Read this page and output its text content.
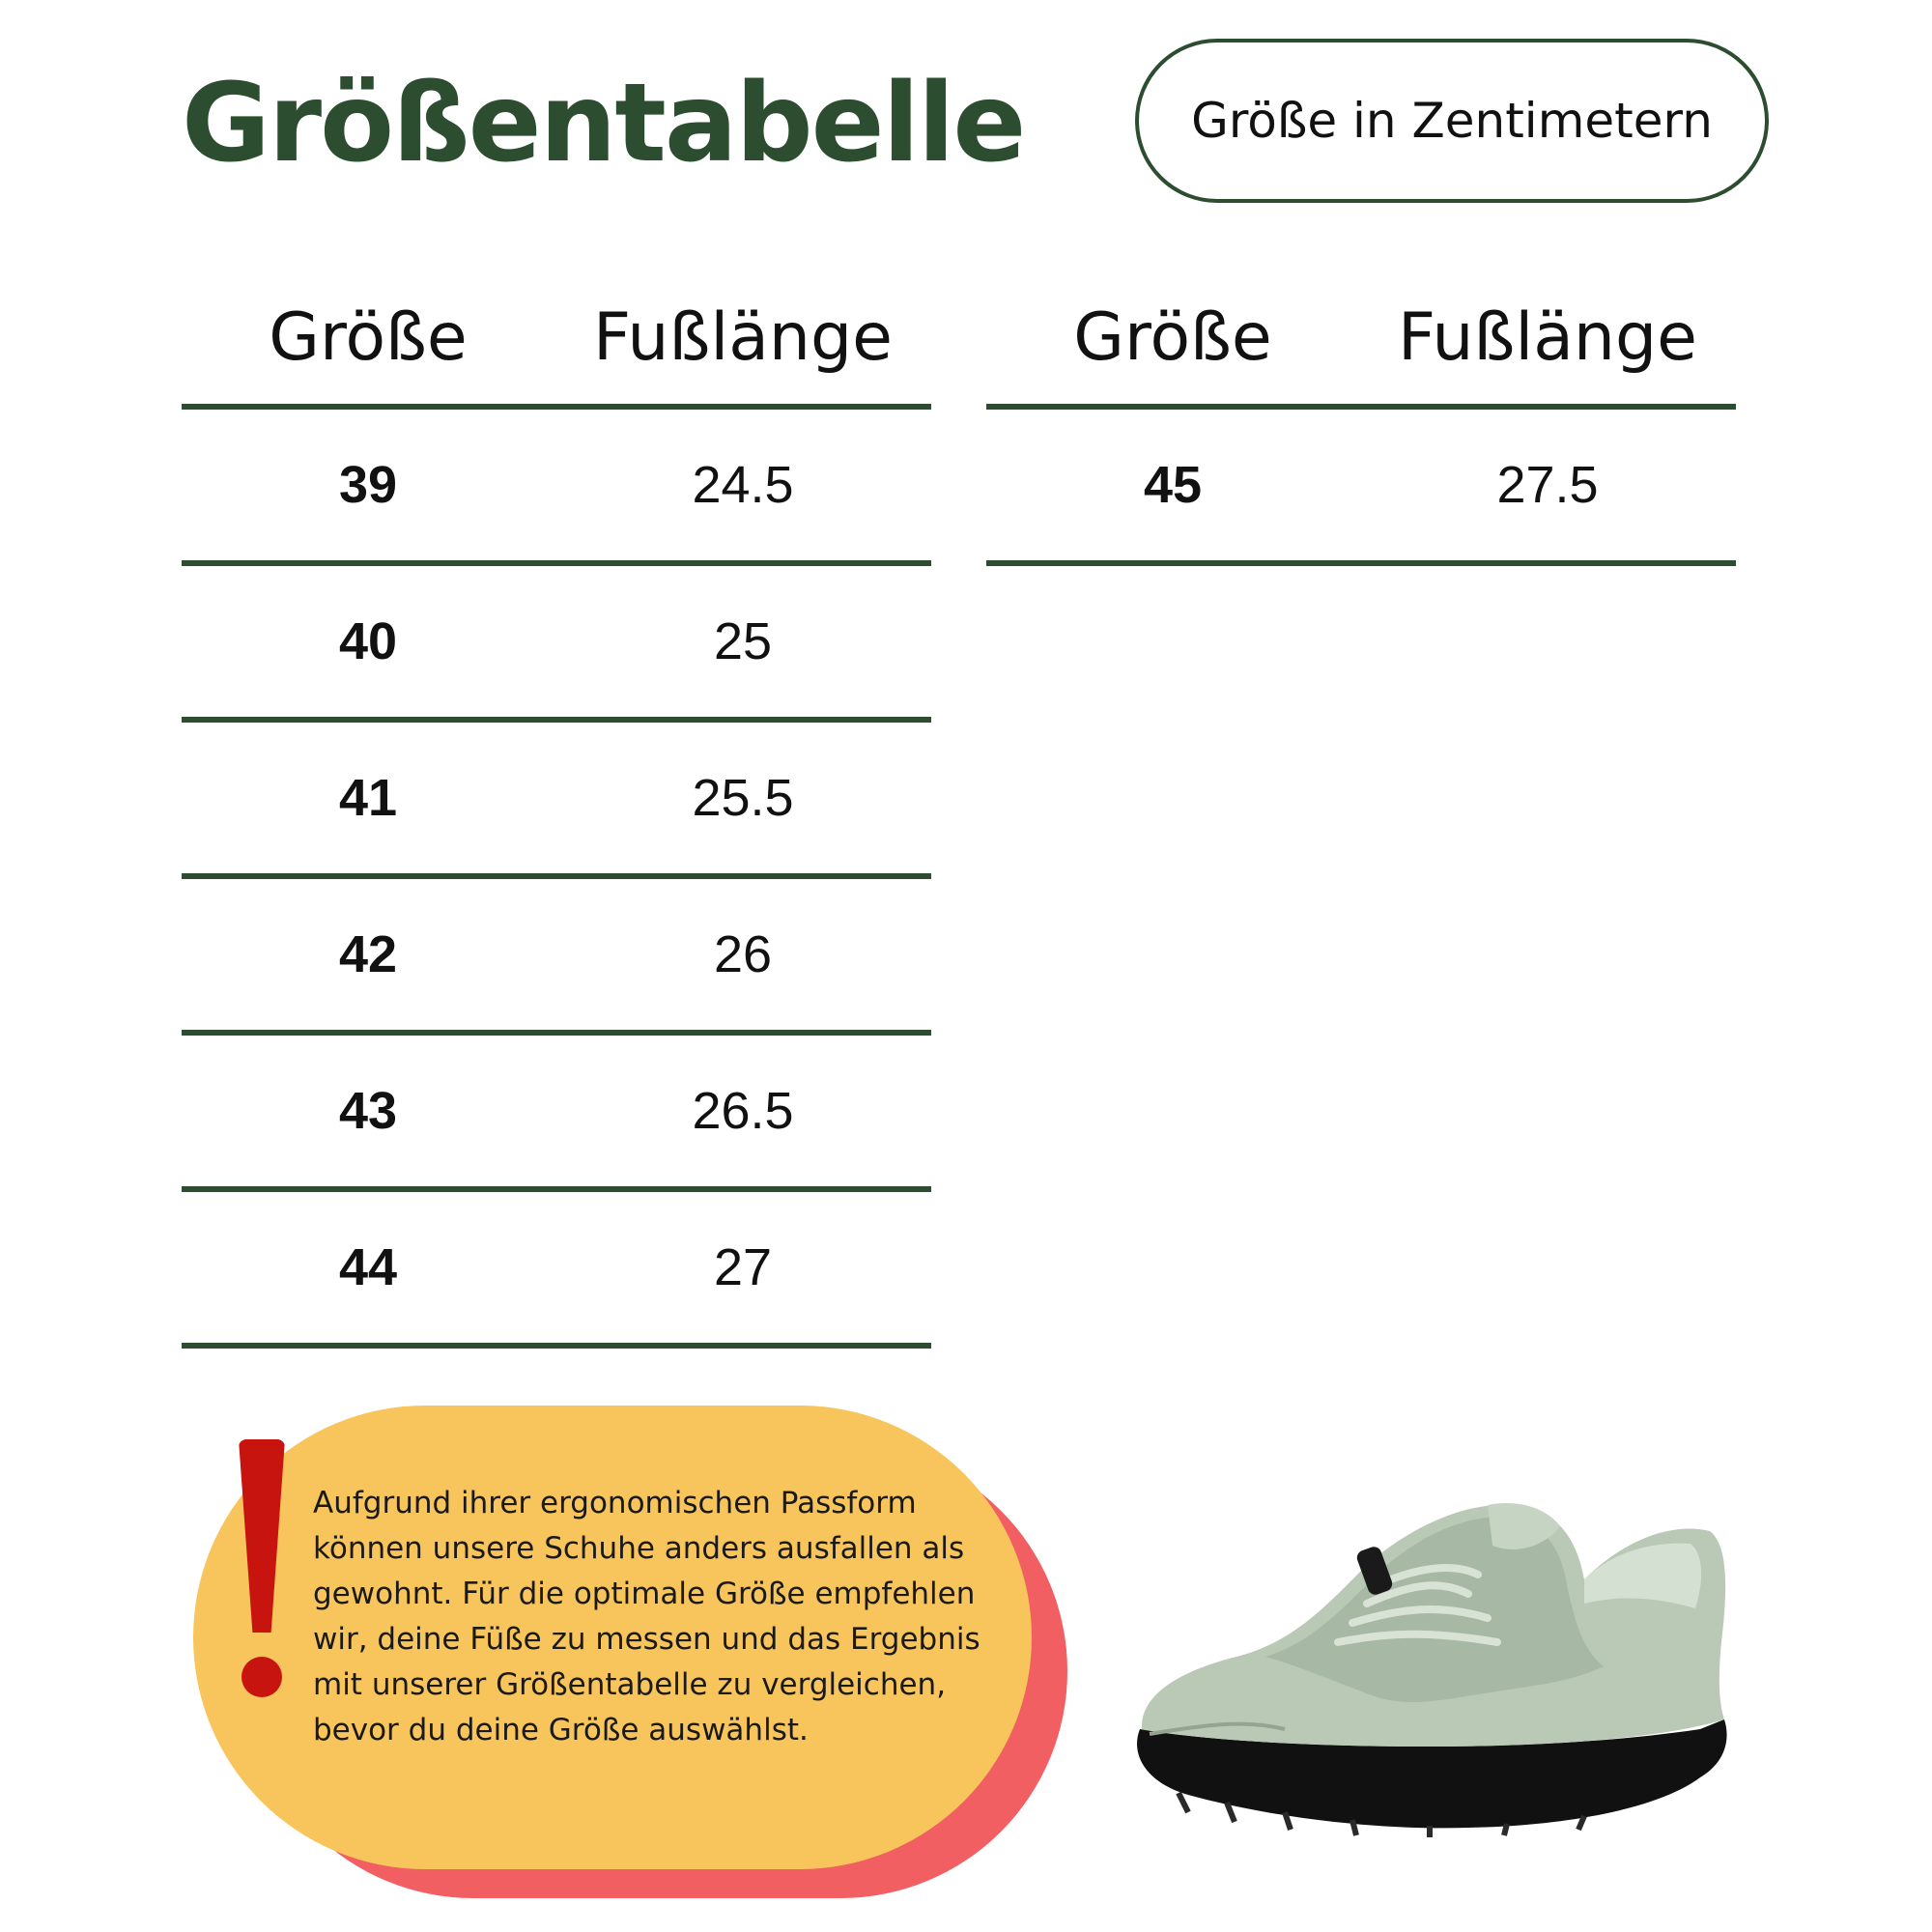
Größentabelle	Größe in Zentimetern
Größe	Fußlänge
39	24.5
40	25
41	25.5
42	26
43	26.5
44	27
Größe	Fußlänge
45	27.5

Aufgrund ihrer ergonomischen Passform können unsere Schuhe anders ausfallen als gewohnt. Für die optimale Größe empfehlen wir, deine Füße zu messen und das Ergebnis mit unserer Größentabelle zu vergleichen, bevor du deine Größe auswählst.
